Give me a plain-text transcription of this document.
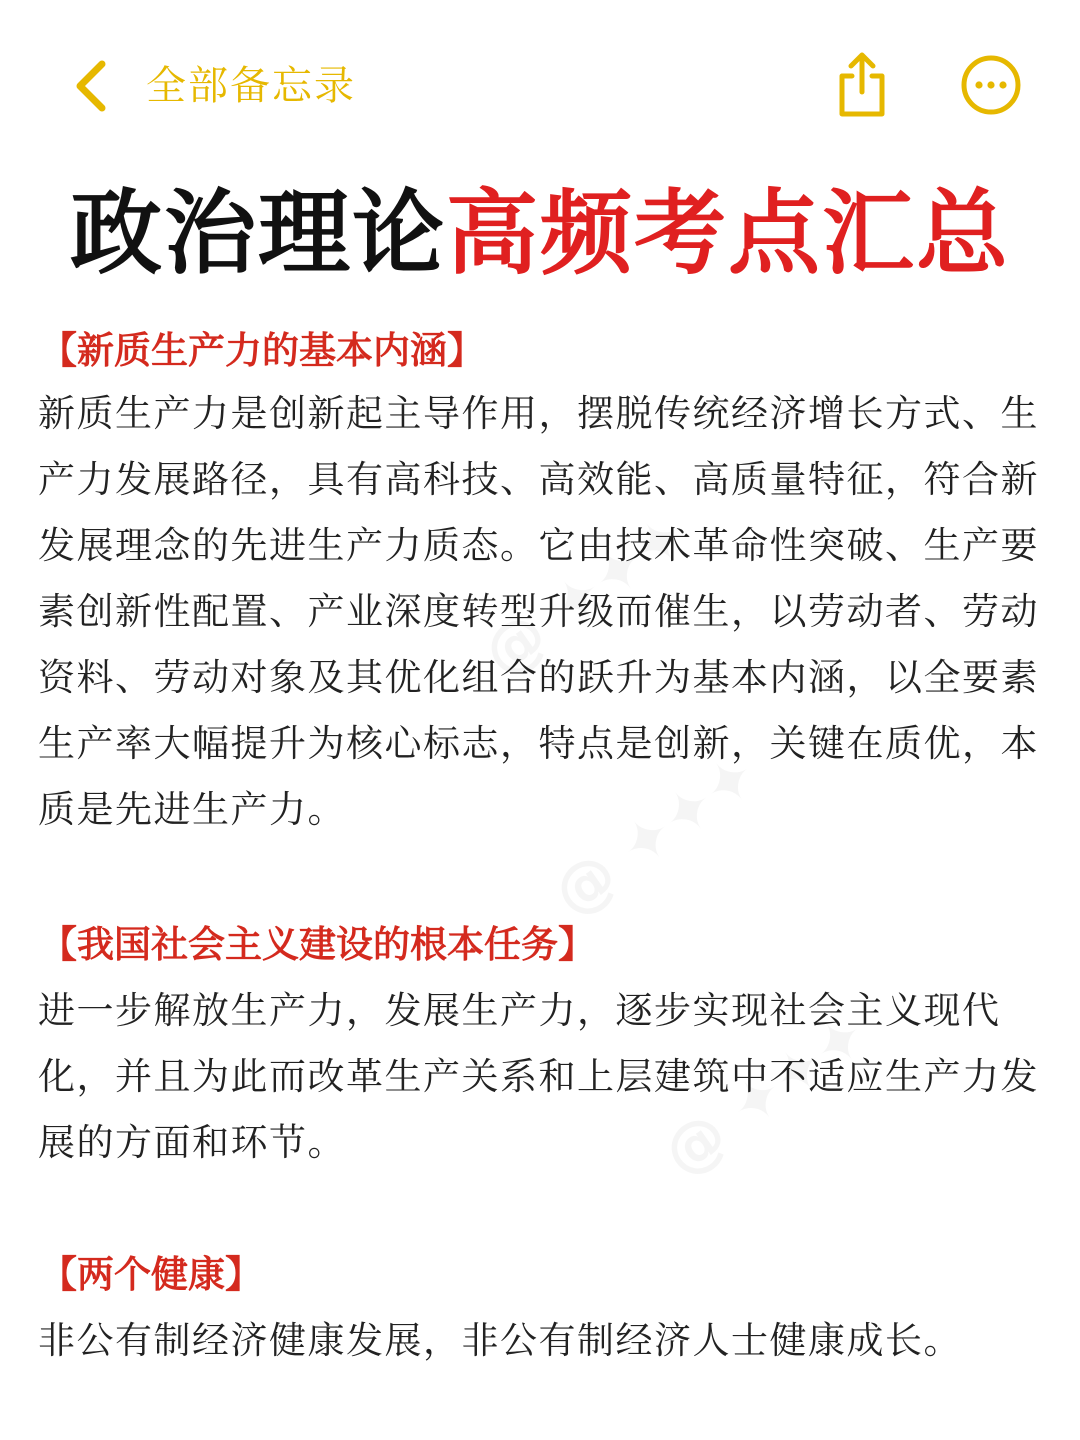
全部备忘录
政治理论高频考点汇总
@ ✦✦✦
@ ✦✦✦
@ ✦✦✦
【新质生产力的基本内涵】
新质生产力是创新起主导作用，摆脱传统经济增长方式、生产力发展路径，具有高科技、高效能、高质量特征，符合新发展理念的先进生产力质态。它由技术革命性突破、生产要素创新性配置、产业深度转型升级而催生，以劳动者、劳动资料、劳动对象及其优化组合的跃升为基本内涵，以全要素生产率大幅提升为核心标志，特点是创新，关键在质优，本质是先进生产力。
【我国社会主义建设的根本任务】
进一步解放生产力，发展生产力，逐步实现社会主义现代化，并且为此而改革生产关系和上层建筑中不适应生产力发展的方面和环节。
【两个健康】
非公有制经济健康发展，非公有制经济人士健康成长。
